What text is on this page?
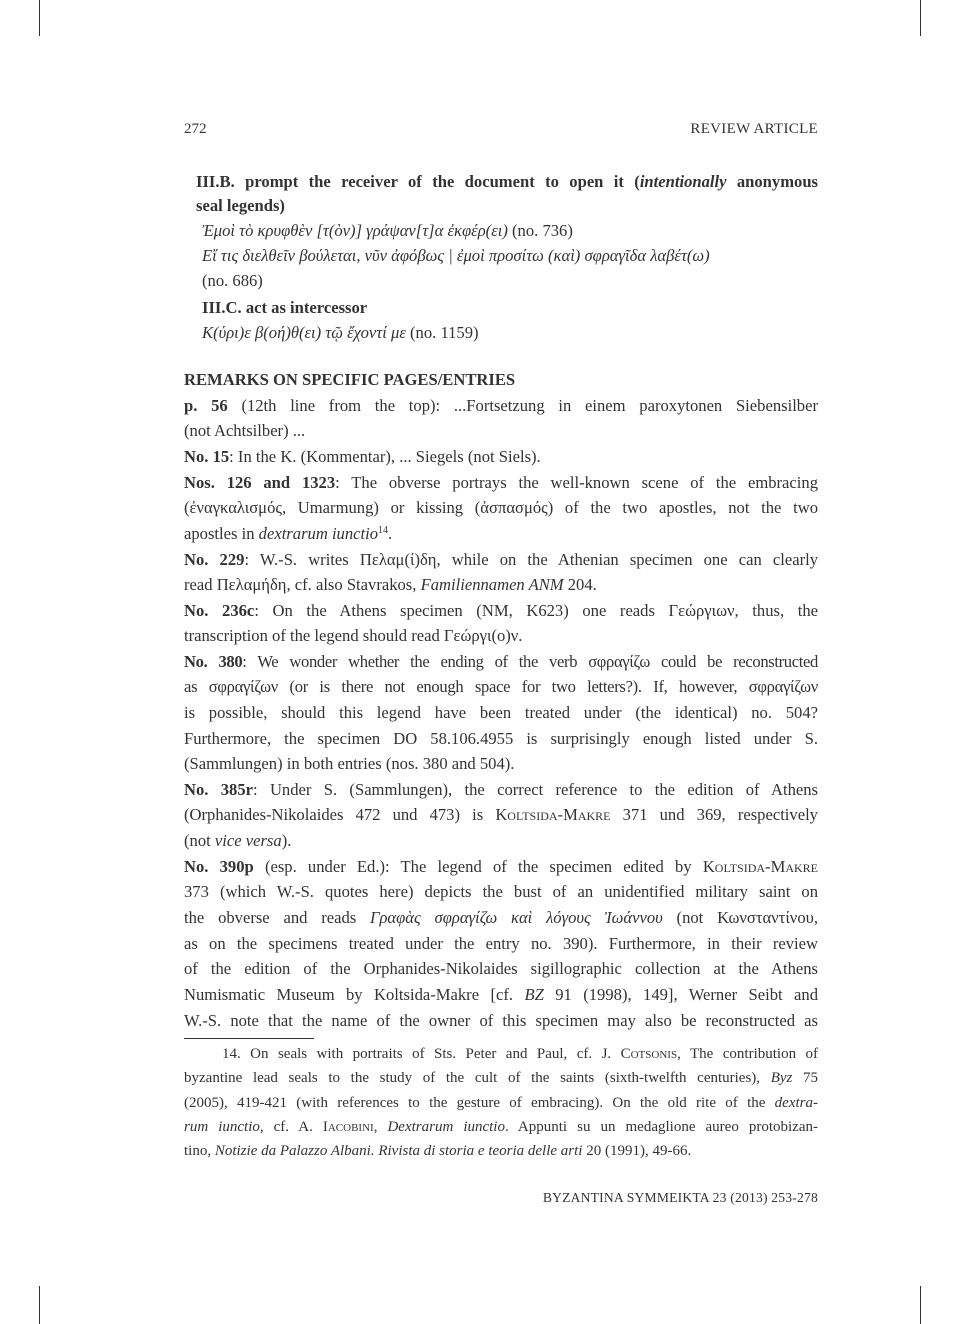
272	REVIEW ARTICLE
III.B. prompt the receiver of the document to open it (intentionally anonymous
seal legends)
Ἐμοὶ τὸ κρυφθὲν [τ(ὸν)] γράψαν[τ]α ἐκφέρ(ει) (no. 736)
Εἴ τις διελθεῖν βούλεται, νῦν ἀφόβως | ἐμοὶ προσίτω (καὶ) σφραγῖδα λαβέτ(ω)
(no. 686)
III.C. act as intercessor
Κ(ύρι)ε β(οή)θ(ει) τῷ ἔχοντί με (no. 1159)
REMARKS ON SPECIFIC PAGES/ENTRIES
p. 56 (12th line from the top): ...Fortsetzung in einem paroxytonen Siebensilber
(not Achtsilber) ...
No. 15: In the K. (Kommentar), ... Siegels (not Siels).
Nos. 126 and 1323: The obverse portrays the well-known scene of the embracing
(ἐναγκαλισμός, Umarmung) or kissing (ἀσπασμός) of the two apostles, not the two
apostles in dextrarum iunctio$^{14}$.
No. 229: W.-S. writes Πελαμ(ί)δη, while on the Athenian specimen one can clearly
read Πελαμήδη, cf. also Stavrakos, Familiennamen ANM 204.
No. 236c: On the Athens specimen (NM, K623) one reads Γεώργιων, thus, the
transcription of the legend should read Γεώργι(ο)ν.
No. 380: We wonder whether the ending of the verb σφραγίζω could be reconstructed
as σφραγίζων (or is there not enough space for two letters?). If, however, σφραγίζων
is possible, should this legend have been treated under (the identical) no. 504?
Furthermore, the specimen DO 58.106.4955 is surprisingly enough listed under S.
(Sammlungen) in both entries (nos. 380 and 504).
No. 385r: Under S. (Sammlungen), the correct reference to the edition of Athens
(Orphanides-Nikolaides 472 und 473) is Koltsida-Makre 371 und 369, respectively
(not vice versa).
No. 390p (esp. under Ed.): The legend of the specimen edited by Koltsida-Makre
373 (which W.-S. quotes here) depicts the bust of an unidentified military saint on
the obverse and reads Γραφὰς σφραγίζω καὶ λόγους Ἰωάννου (not Κωνσταντίνου,
as on the specimens treated under the entry no. 390). Furthermore, in their review
of the edition of the Orphanides-Nikolaides sigillographic collection at the Athens
Numismatic Museum by Koltsida-Makre [cf. BZ 91 (1998), 149], Werner Seibt and
W.-S. note that the name of the owner of this specimen may also be reconstructed as
14. On seals with portraits of Sts. Peter and Paul, cf. J. Cotsonis, The contribution of
byzantine lead seals to the study of the cult of the saints (sixth-twelfth centuries), Byz 75
(2005), 419-421 (with references to the gesture of embracing). On the old rite of the dextra-
rum iunctio, cf. A. Iacobini, Dextrarum iunctio. Appunti su un medaglione aureo protobizan-
tino, Notizie da Palazzo Albani. Rivista di storia e teoria delle arti 20 (1991), 49-66.
BYZANTINA SYMMEIKTA 23 (2013) 253-278
